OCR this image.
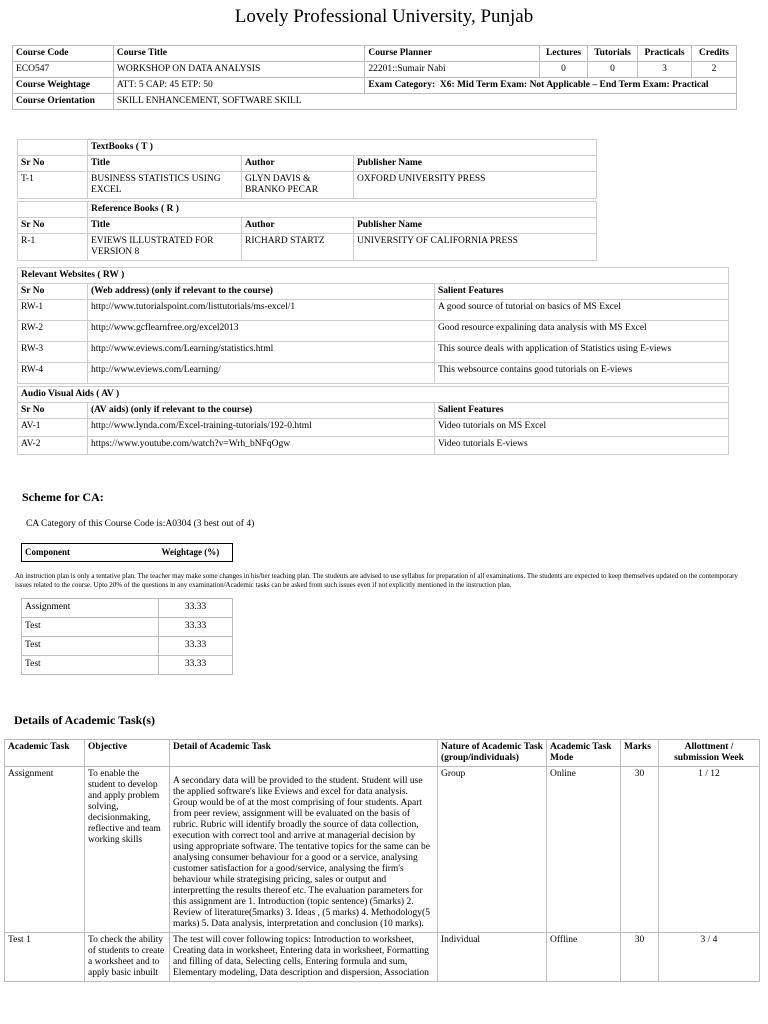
Lovely Professional University, Punjab
Course Code	Course Title	Course Planner	Lectures	Tutorials	Practicals	Credits
ECO547	WORKSHOP ON DATA ANALYSIS	22201::Sumair Nabi	0	0	3	2
Course Weightage	ATT: 5 CAP: 45 ETP: 50	Exam Category: X6: Mid Term Exam: Not Applicable – End Term Exam: Practical				
Course Orientation	SKILL ENHANCEMENT, SOFTWARE SKILL					
	TextBooks ( T )		
Sr No	Title	Author	Publisher Name
T-1	BUSINESS STATISTICS USING EXCEL	GLYN DAVIS & BRANKO PECAR	OXFORD UNIVERSITY PRESS
	Reference Books ( R )		
Sr No	Title	Author	Publisher Name
R-1	EVIEWS ILLUSTRATED FOR VERSION 8	RICHARD STARTZ	UNIVERSITY OF CALIFORNIA PRESS
Relevant Websites ( RW )		
Sr No	(Web address) (only if relevant to the course)	Salient Features
RW-1	http://www.tutorialspoint.com/listtutorials/ms-excel/1	A good source of tutorial on basics of MS Excel
RW-2	http://www.gcflearnfree.org/excel2013	Good resource expalining data analysis with MS Excel
RW-3	http://www.eviews.com/Learning/statistics.html	This source deals with application of Statistics using E-views
RW-4	http://www.eviews.com/Learning/	This websource contains good tutorials on E-views
Audio Visual Aids ( AV )		
Sr No	(AV aids) (only if relevant to the course)	Salient Features
AV-1	http://www.lynda.com/Excel-training-tutorials/192-0.html	Video tutorials on MS Excel
AV-2	https://www.youtube.com/watch?v=Wrh_bNFqOgw	Video tutorials E-views
Scheme for CA:
CA Category of this Course Code is:A0304 (3 best out of 4)
Component	Weightage (%)
An instruction plan is only a tentative plan. The teacher may make some changes in his/her teaching plan. The students are advised to use syllabus for preparation of all examinations. The students are expected to keep themselves updated on the contemporary issues related to the course. Upto 20% of the questions in any examination/Academic tasks can be asked from such issues even if not explicitly mentioned in the instruction plan.
Assignment	33.33
Test	33.33
Test	33.33
Test	33.33
Details of Academic Task(s)
Academic Task	Objective	Detail of Academic Task	Nature of Academic Task (group/individuals)	Academic Task Mode	Marks	Allottment / submission Week
Assignment	To enable the student to develop and apply problem solving, decisionmaking, reflective and team working skills	A secondary data will be provided to the student. Student will use the applied software's like Eviews and excel for data analysis. Group would be of at the most comprising of four students. Apart from peer review, assignment will be evaluated on the basis of rubric. Rubric will identify broadly the source of data collection, execution with correct tool and arrive at managerial decision by using appropriate software. The tentative topics for the same can be analysing consumer behaviour for a good or a service, analysing customer satisfaction for a good/service, analysing the firm's behaviour while strategising pricing, sales or output and interpretting the results thereof etc. The evaluation parameters for this assignment are 1. Introduction (topic sentence) (5marks) 2. Review of literature(5marks) 3. Ideas , (5 marks) 4. Methodology(5 marks) 5. Data analysis, interpretation and conclusion (10 marks).	Group	Online	30	1 / 12
Test 1	To check the ability of students to create a worksheet and to apply basic inbuilt	The test will cover following topics: Introduction to worksheet, Creating data in worksheet, Entering data in worksheet, Formatting and filling of data, Selecting cells, Entering formula and sum, Elementary modeling, Data description and dispersion, Association	Individual	Offline	30	3 / 4
